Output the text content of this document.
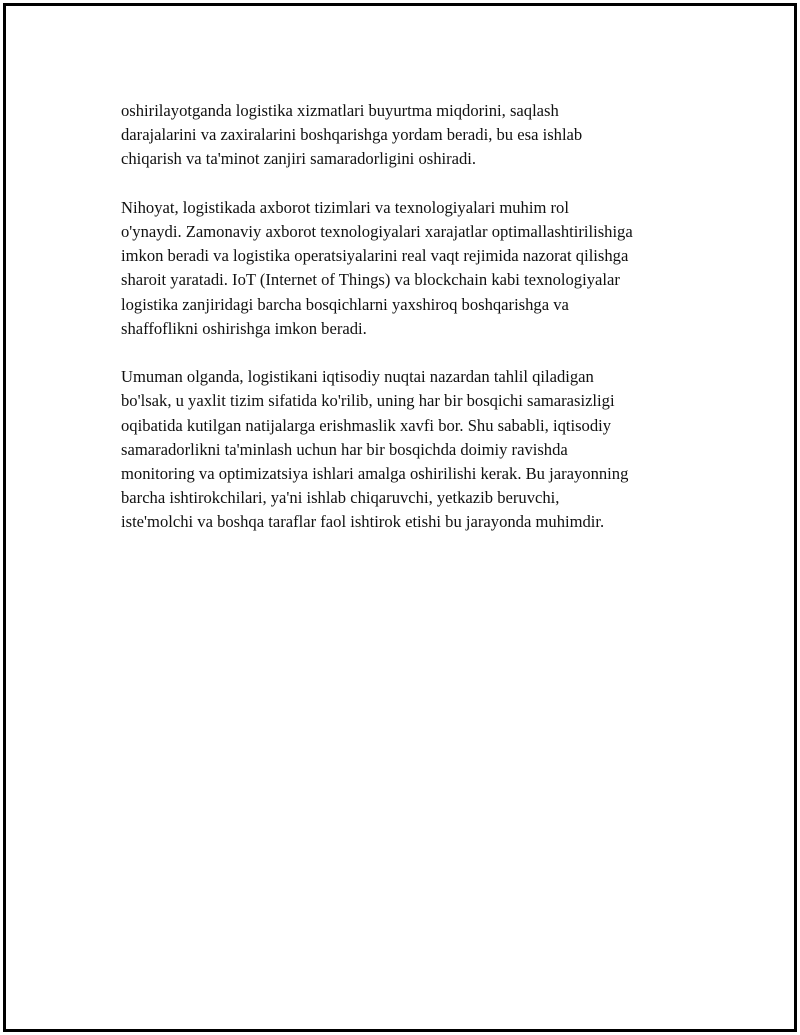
oshirilayotganda logistika xizmatlari buyurtma miqdorini, saqlash
darajalarini va zaxiralarini boshqarishga yordam beradi, bu esa ishlab
chiqarish va ta'minot zanjiri samaradorligini oshiradi.

Nihoyat, logistikada axborot tizimlari va texnologiyalari muhim rol
o'ynaydi. Zamonaviy axborot texnologiyalari xarajatlar optimallashtirilishiga
imkon beradi va logistika operatsiyalarini real vaqt rejimida nazorat qilishga
sharoit yaratadi. IoT (Internet of Things) va blockchain kabi texnologiyalar
logistika zanjiridagi barcha bosqichlarni yaxshiroq boshqarishga va
shaffoflikni oshirishga imkon beradi.

Umuman olganda, logistikani iqtisodiy nuqtai nazardan tahlil qiladigan
bo'lsak, u yaxlit tizim sifatida ko'rilib, uning har bir bosqichi samarasizligi
oqibatida kutilgan natijalarga erishmaslik xavfi bor. Shu sababli, iqtisodiy
samaradorlikni ta'minlash uchun har bir bosqichda doimiy ravishda
monitoring va optimizatsiya ishlari amalga oshirilishi kerak. Bu jarayonning
barcha ishtirokchilari, ya'ni ishlab chiqaruvchi, yetkazib beruvchi,
iste'molchi va boshqa taraflar faol ishtirok etishi bu jarayonda muhimdir.
